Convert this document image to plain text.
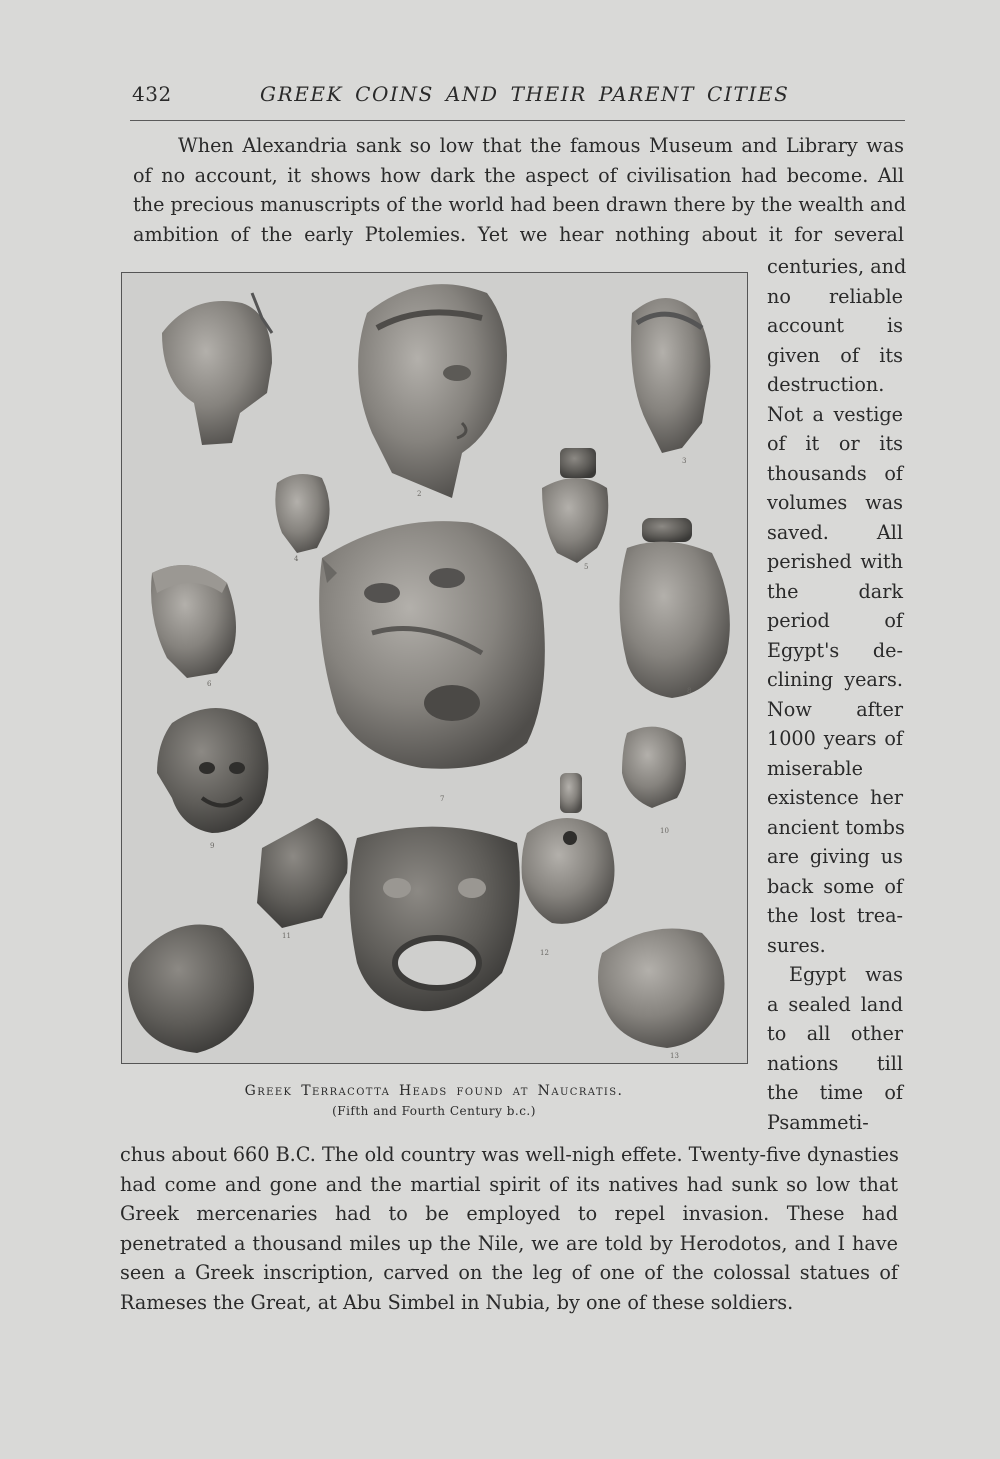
432	GREEK COINS AND THEIR PARENT CITIES
When Alexandria sank so low that the famous Museum and Library was
of no account, it shows how dark the aspect of civilisation had become. All
the precious manuscripts of the world had been drawn there by the wealth and
ambition of the early Ptolemies. Yet we hear nothing about it for several
2
3
4
5
6
7
8
9
10
11
12
13
Greek Terracotta Heads found at Naucratis.
(Fifth and Fourth Century b.c.)
centuries, and
no reliable
account is
given of its
destruction.
Not a vestige
of it or its
thousands of
volumes was
saved. All
perished with
the dark
period of
Egypt's de-
clining years.
Now after
1000 years of
miserable
existence her
ancient tombs
are giving us
back some of
the lost trea-
sures.
Egypt was
a sealed land
to all other
nations till
the time of
Psammeti-
chus about 660 B.C. The old country was well-nigh effete. Twenty-five dynasties
had come and gone and the martial spirit of its natives had sunk so low that
Greek mercenaries had to be employed to repel invasion. These had
penetrated a thousand miles up the Nile, we are told by Herodotos, and I have
seen a Greek inscription, carved on the leg of one of the colossal statues of
Rameses the Great, at Abu Simbel in Nubia, by one of these soldiers.
